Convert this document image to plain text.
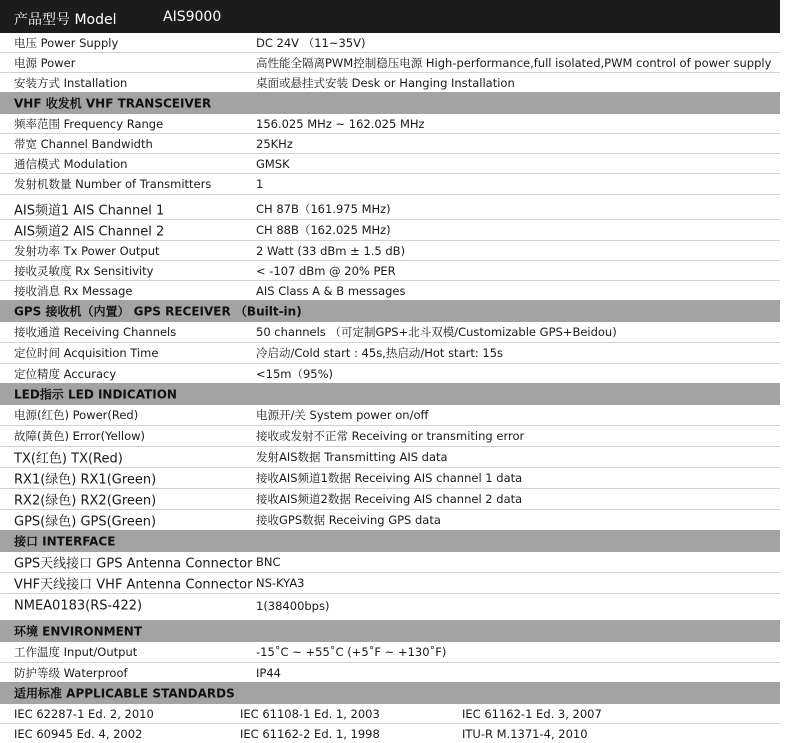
产品型号 Model	AIS9000
电压 Power Supply	DC 24V （11~35V)
电源 Power	高性能全隔离PWM控制稳压电源 High-performance,full isolated,PWM control of power supply
安装方式 Installation	桌面或悬挂式安装 Desk or Hanging Installation
VHF 收发机 VHF TRANSCEIVER
频率范围 Frequency Range	156.025 MHz ~ 162.025 MHz
带宽 Channel Bandwidth	25KHz
通信模式 Modulation	GMSK
发射机数量 Number of Transmitters	1
AIS频道1 AIS Channel 1	CH 87B（161.975 MHz)
AIS频道2 AIS Channel 2	CH 88B（162.025 MHz)
发射功率 Tx Power Output	2 Watt (33 dBm ± 1.5 dB)
接收灵敏度 Rx Sensitivity	< -107 dBm @ 20% PER
接收消息 Rx Message	AIS Class A & B messages
GPS 接收机（内置） GPS RECEIVER （Built-in)
接收通道 Receiving Channels	50 channels （可定制GPS+北斗双模/Customizable GPS+Beidou)
定位时间 Acquisition Time	冷启动/Cold start : 45s,热启动/Hot start: 15s
定位精度 Accuracy	<15m（95%)
LED指示 LED INDICATION
电源(红色) Power(Red)	电源开/关 System power on/off
故障(黄色) Error(Yellow)	接收或发射不正常 Receiving or transmiting error
TX(红色) TX(Red)	发射AIS数据 Transmitting AIS data
RX1(绿色) RX1(Green)	接收AIS频道1数据 Receiving AIS channel 1 data
RX2(绿色) RX2(Green)	接收AIS频道2数据 Receiving AIS channel 2 data
GPS(绿色) GPS(Green)	接收GPS数据 Receiving GPS data
接口 INTERFACE
GPS天线接口 GPS Antenna Connector BNC
VHF天线接口 VHF Antenna Connector NS-KYA3
NMEA0183(RS-422)	1(38400bps)
环境 ENVIRONMENT
工作温度 Input/Output	-15˚C ~ +55˚C (+5˚F ~ +130˚F)
防护等级 Waterproof	IP44
适用标准 APPLICABLE STANDARDS
IEC 62287-1 Ed. 2, 2010	IEC 61108-1 Ed. 1, 2003	IEC 61162-1 Ed. 3, 2007
IEC 60945 Ed. 4, 2002	IEC 61162-2 Ed. 1, 1998	ITU-R M.1371-4, 2010
